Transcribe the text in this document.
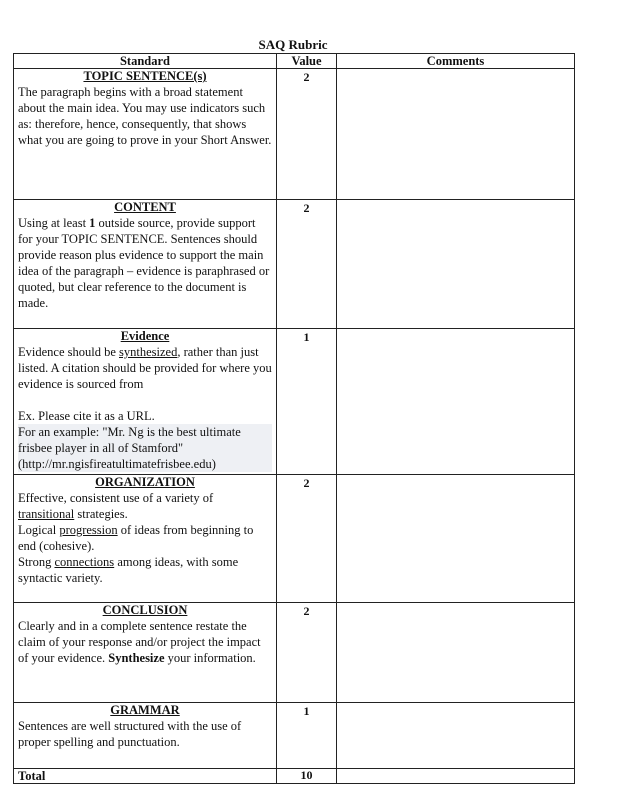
SAQ Rubric
Standard	Value	Comments

TOPIC SENTENCE(s)
The paragraph begins with a broad statement about the main idea. You may use indicators such as: therefore, hence, consequently, that shows what you are going to prove in your Short Answer.	2	

CONTENT
Using at least 1 outside source, provide support for your TOPIC SENTENCE. Sentences should provide reason plus evidence to support the main idea of the paragraph – evidence is paraphrased or quoted, but clear reference to the document is made.	2	

Evidence
Evidence should be synthesized, rather than just listed. A citation should be provided for where you evidence is sourced from
Ex. Please cite it as a URL.
For an example: "Mr. Ng is the best ultimate frisbee player in all of Stamford" (http://mr.ngisfireatultimatefrisbee.edu)	1	

ORGANIZATION
Effective, consistent use of a variety of transitional strategies.
Logical progression of ideas from beginning to end (cohesive).
Strong connections among ideas, with some syntactic variety.	2	

CONCLUSION
Clearly and in a complete sentence restate the claim of your response and/or project the impact of your evidence. Synthesize your information.	2	

GRAMMAR
Sentences are well structured with the use of proper spelling and punctuation.	1	
Total	10	
